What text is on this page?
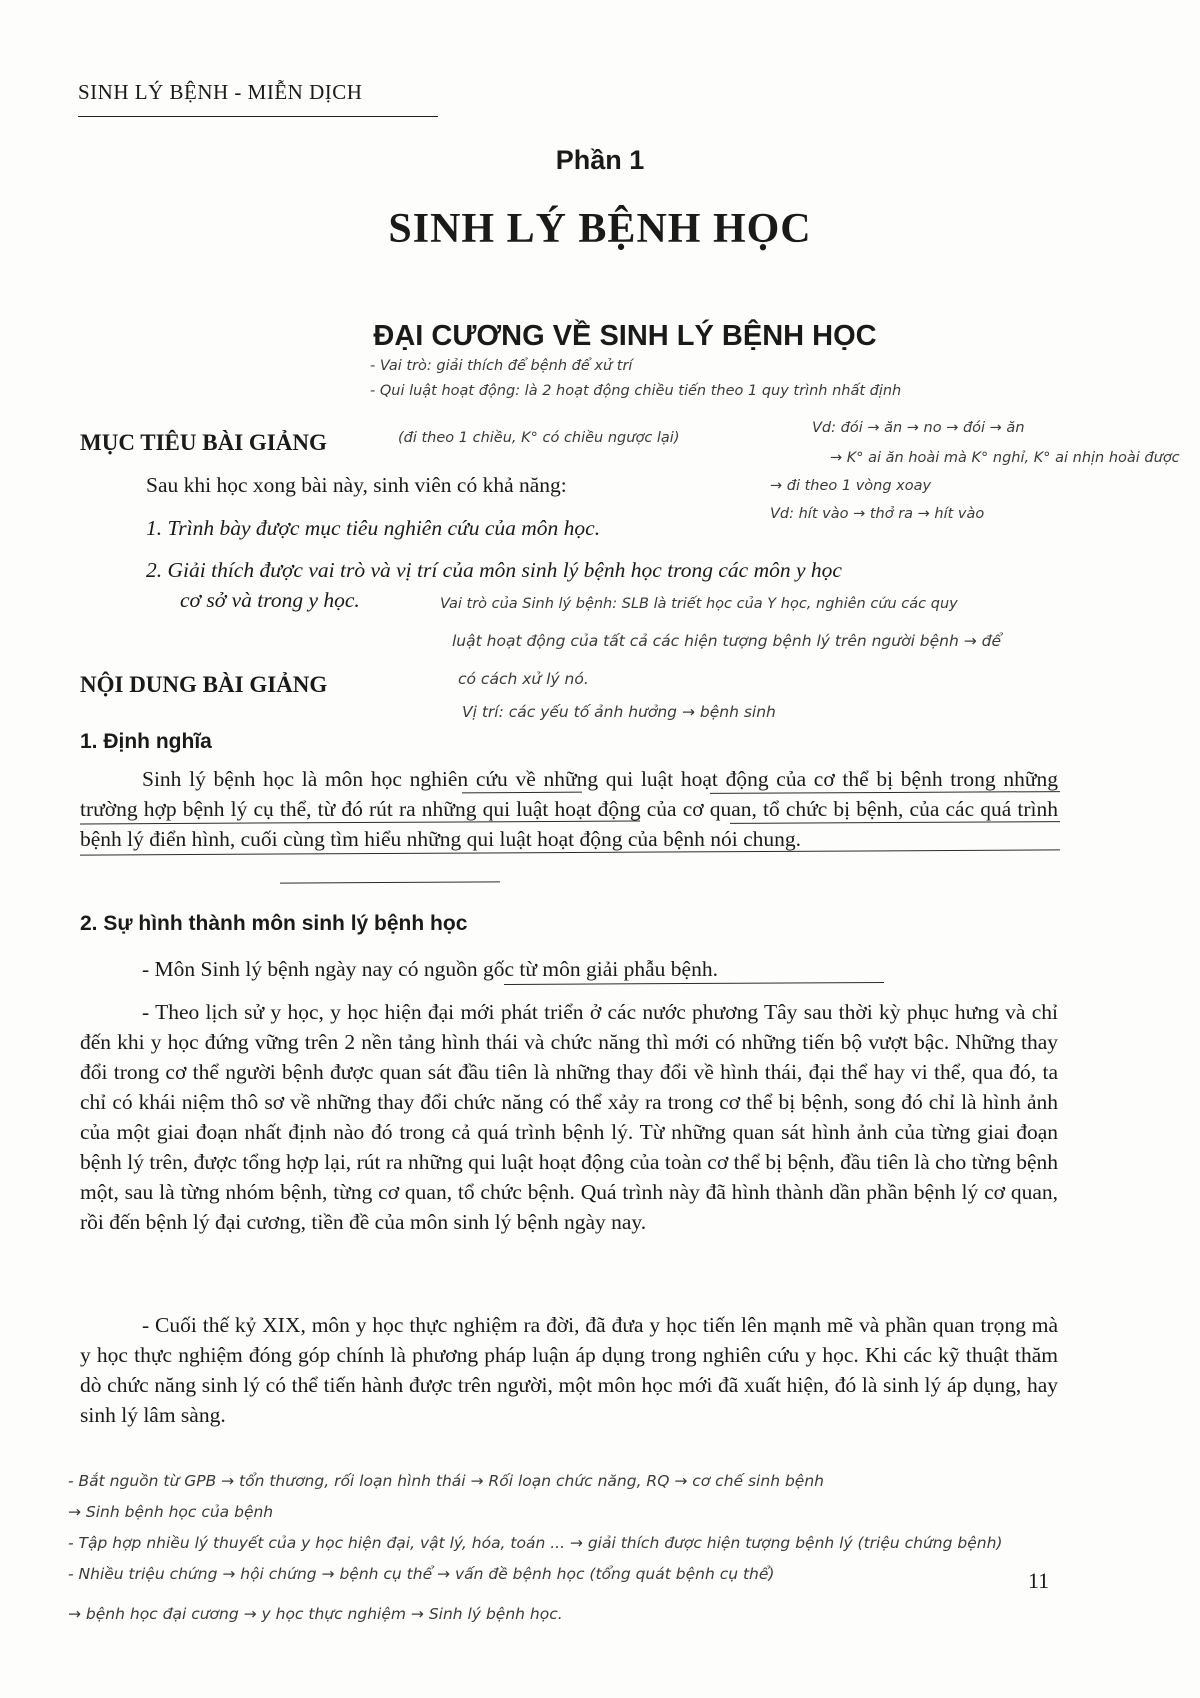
SINH LÝ BỆNH - MIỄN DỊCH
Phần 1
SINH LÝ BỆNH HỌC
ĐẠI CƯƠNG VỀ SINH LÝ BỆNH HỌC
- Vai trò: giải thích để bệnh để xử trí
- Qui luật hoạt động: là 2 hoạt động chiều tiến theo 1 quy trình nhất định
(đi theo 1 chiều, K° có chiều ngược lại)
Vd: đói → ăn → no → đói → ăn
→ K° ai ăn hoài mà K° nghỉ, K° ai nhịn hoài được
→ đi theo 1 vòng xoay
Vd: hít vào → thở ra → hít vào
MỤC TIÊU BÀI GIẢNG
Sau khi học xong bài này, sinh viên có khả năng:
1. Trình bày được mục tiêu nghiên cứu của môn học.
2. Giải thích được vai trò và vị trí của môn sinh lý bệnh học trong các môn y học
cơ sở và trong y học.	Vai trò của Sinh lý bệnh: SLB là triết học của Y học, nghiên cứu các quy
luật hoạt động của tất cả các hiện tượng bệnh lý trên người bệnh → để
có cách xử lý nó.
Vị trí: các yếu tố ảnh hưởng → bệnh sinh
NỘI DUNG BÀI GIẢNG
1. Định nghĩa

Sinh lý bệnh học là môn học nghiên cứu về những qui luật hoạt động của cơ thể bị bệnh trong những trường hợp bệnh lý cụ thể, từ đó rút ra những qui luật hoạt động của cơ quan, tổ chức bị bệnh, của các quá trình bệnh lý điển hình, cuối cùng tìm hiểu những qui luật hoạt động của bệnh nói chung.

2. Sự hình thành môn sinh lý bệnh học

- Môn Sinh lý bệnh ngày nay có nguồn gốc từ môn giải phẫu bệnh.

- Theo lịch sử y học, y học hiện đại mới phát triển ở các nước phương Tây sau thời kỳ phục hưng và chỉ đến khi y học đứng vững trên 2 nền tảng hình thái và chức năng thì mới có những tiến bộ vượt bậc. Những thay đổi trong cơ thể người bệnh được quan sát đầu tiên là những thay đổi về hình thái, đại thể hay vi thể, qua đó, ta chỉ có khái niệm thô sơ về những thay đổi chức năng có thể xảy ra trong cơ thể bị bệnh, song đó chỉ là hình ảnh của một giai đoạn nhất định nào đó trong cả quá trình bệnh lý. Từ những quan sát hình ảnh của từng giai đoạn bệnh lý trên, được tổng hợp lại, rút ra những qui luật hoạt động của toàn cơ thể bị bệnh, đầu tiên là cho từng bệnh một, sau là từng nhóm bệnh, từng cơ quan, tổ chức bệnh. Quá trình này đã hình thành dần phần bệnh lý cơ quan, rồi đến bệnh lý đại cương, tiền đề của môn sinh lý bệnh ngày nay.

- Cuối thế kỷ XIX, môn y học thực nghiệm ra đời, đã đưa y học tiến lên mạnh mẽ và phần quan trọng mà y học thực nghiệm đóng góp chính là phương pháp luận áp dụng trong nghiên cứu y học. Khi các kỹ thuật thăm dò chức năng sinh lý có thể tiến hành được trên người, một môn học mới đã xuất hiện, đó là sinh lý áp dụng, hay sinh lý lâm sàng.

- Bắt nguồn từ GPB → tổn thương, rối loạn hình thái → Rối loạn chức năng, RQ → cơ chế sinh bệnh
→ Sinh bệnh học của bệnh
- Tập hợp nhiều lý thuyết của y học hiện đại, vật lý, hóa, toán ... → giải thích được hiện tượng bệnh lý (triệu chứng bệnh)
- Nhiều triệu chứng → hội chứng → bệnh cụ thể → vấn đề bệnh học (tổng quát bệnh cụ thể)
→ bệnh học đại cương → y học thực nghiệm → Sinh lý bệnh học.
11
